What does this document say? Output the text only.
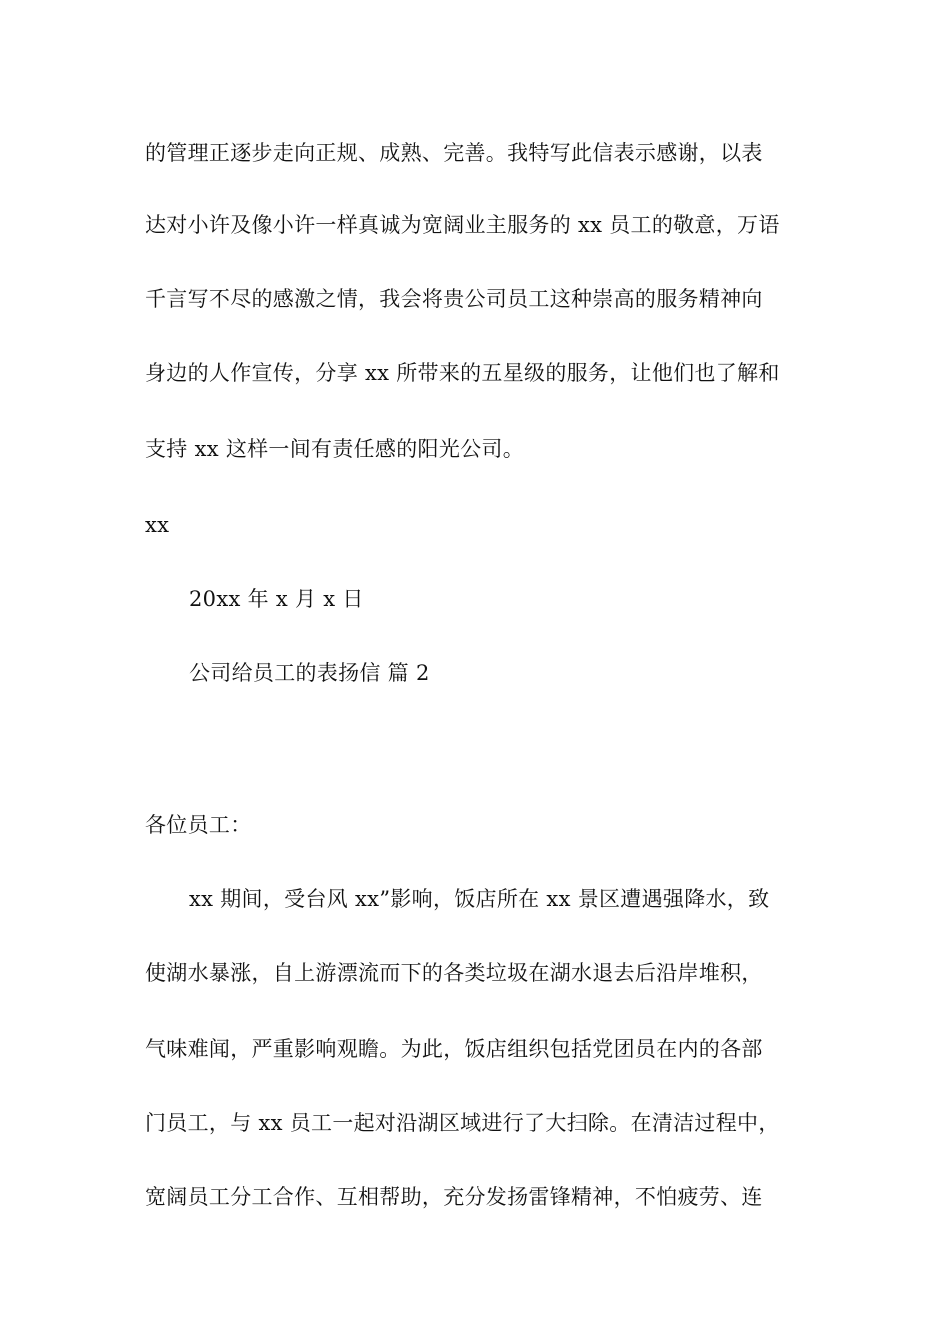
的管理正逐步走向正规、成熟、完善。我特写此信表示感谢，以表
达对小许及像小许一样真诚为宽阔业主服务的 xx 员工的敬意，万语
千言写不尽的感激之情，我会将贵公司员工这种崇高的服务精神向
身边的人作宣传，分享 xx 所带来的五星级的服务，让他们也了解和
支持 xx 这样一间有责任感的阳光公司。
xx
20xx 年 x 月 x 日
公司给员工的表扬信 篇 2
各位员工：
xx 期间，受台风 xx”影响，饭店所在 xx 景区遭遇强降水，致
使湖水暴涨，自上游漂流而下的各类垃圾在湖水退去后沿岸堆积，
气味难闻，严重影响观瞻。为此，饭店组织包括党团员在内的各部
门员工，与 xx 员工一起对沿湖区域进行了大扫除。在清洁过程中，
宽阔员工分工合作、互相帮助，充分发扬雷锋精神，不怕疲劳、连
